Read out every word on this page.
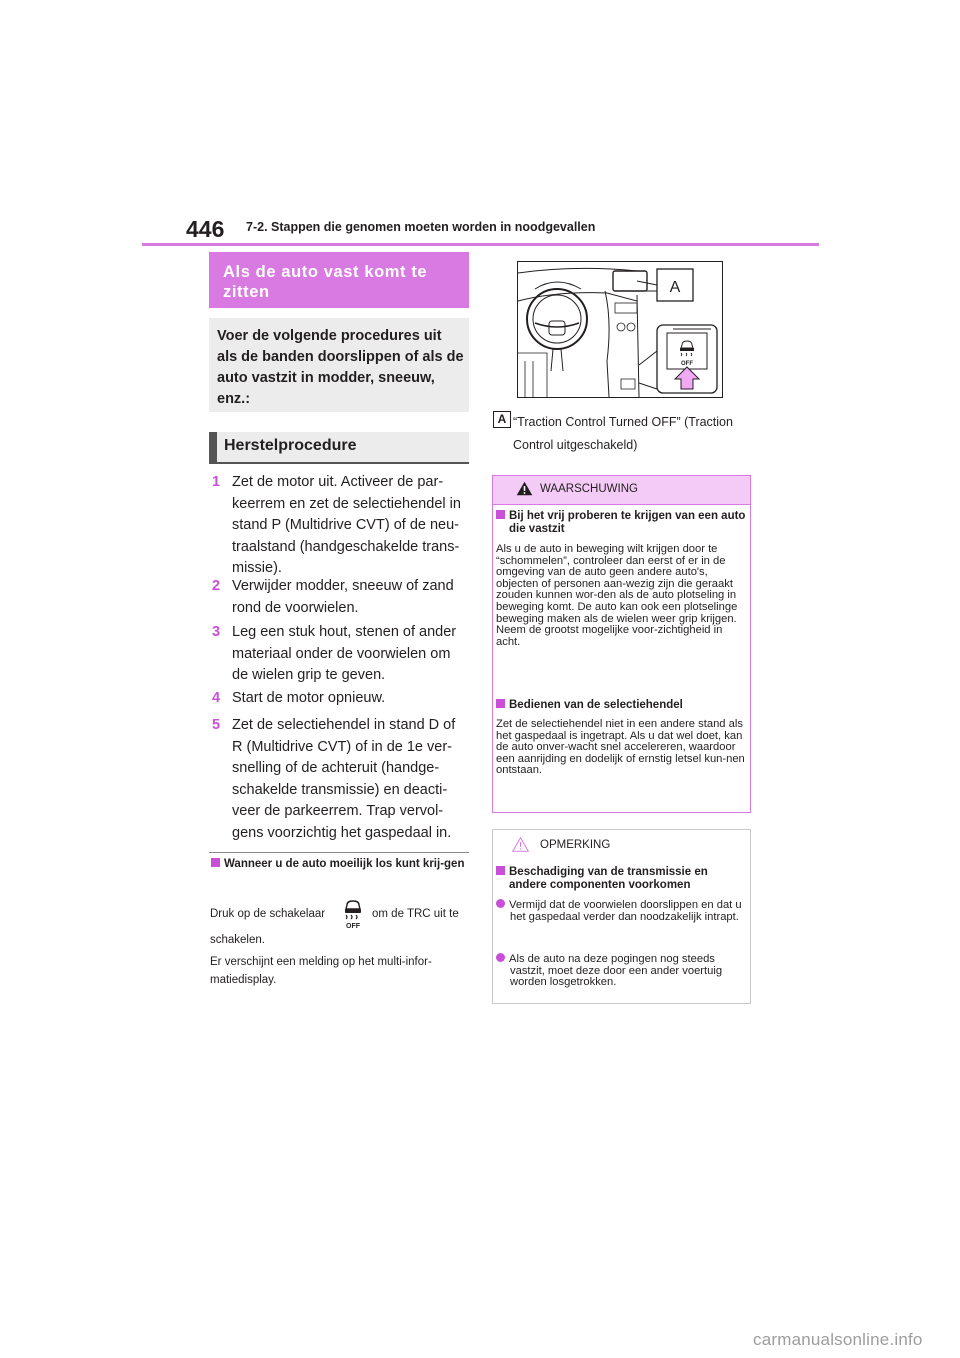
446 7-2. Stappen die genomen moeten worden in noodgevallen
Als de auto vast komt te zitten
Voer de volgende procedures uit als de banden doorslippen of als de auto vastzit in modder, sneeuw, enz.:
Herstelprocedure
1 Zet de motor uit. Activeer de par-keerrem en zet de selectiehendel in stand P (Multidrive CVT) of de neu-traalstand (handgeschakelde trans-missie).
2 Verwijder modder, sneeuw of zand rond de voorwielen.
3 Leg een stuk hout, stenen of ander materiaal onder de voorwielen om de wielen grip te geven.
4 Start de motor opnieuw.
5 Zet de selectiehendel in stand D of R (Multidrive CVT) of in de 1e ver-snelling of de achteruit (handge-schakelde transmissie) en deacti-veer de parkeerrem. Trap vervol-gens voorzichtig het gaspedaal in.
Wanneer u de auto moeilijk los kunt krij-gen
Druk op de schakelaar
OFF
om de TRC uit te
schakelen.
Er verschijnt een melding op het multi-infor-matiedisplay.
A
OFF
A “Traction Control Turned OFF” (Traction Control uitgeschakeld)
WAARSCHUWING
Bij het vrij proberen te krijgen van een auto die vastzit
Als u de auto in beweging wilt krijgen door te “schommelen”, controleer dan eerst of er in de omgeving van de auto geen andere auto's, objecten of personen aan-wezig zijn die geraakt zouden kunnen wor-den als de auto plotseling in beweging komt. De auto kan ook een plotselinge beweging maken als de wielen weer grip krijgen. Neem de grootst mogelijke voor-zichtigheid in acht.
Bedienen van de selectiehendel
Zet de selectiehendel niet in een andere stand als het gaspedaal is ingetrapt. Als u dat wel doet, kan de auto onver-wacht snel accelereren, waardoor een aanrijding en dodelijk of ernstig letsel kun-nen ontstaan.
OPMERKING
Beschadiging van de transmissie en andere componenten voorkomen
Vermijd dat de voorwielen doorslippen en dat u het gaspedaal verder dan noodzakelijk intrapt.
Als de auto na deze pogingen nog steeds vastzit, moet deze door een ander voertuig worden losgetrokken.
carmanualsonline.info
